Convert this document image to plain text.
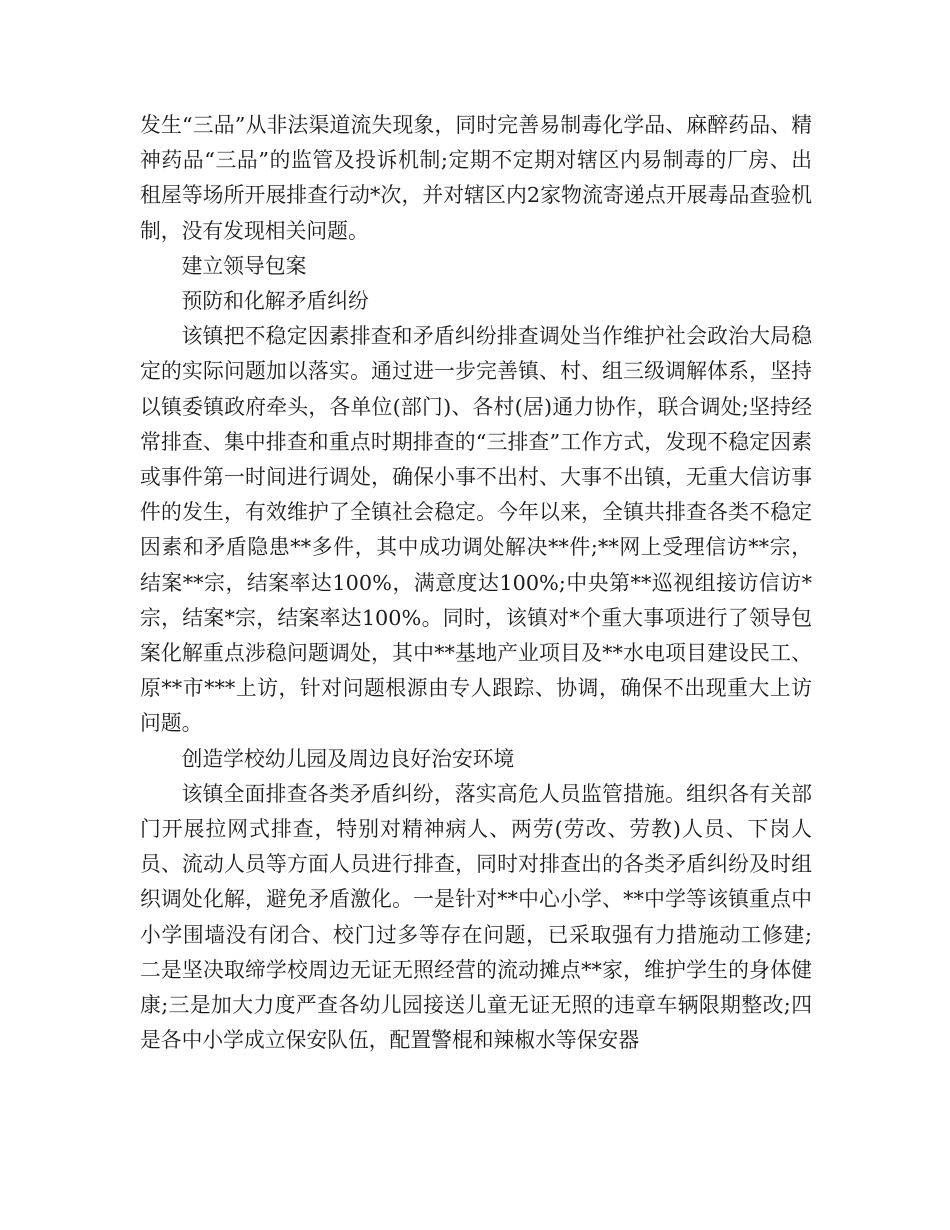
发生“三品”从非法渠道流失现象，同时完善易制毒化学品、麻醉药品、精神药品“三品”的监管及投诉机制;定期不定期对辖区内易制毒的厂房、出租屋等场所开展排查行动*次，并对辖区内2家物流寄递点开展毒品查验机制，没有发现相关问题。

建立领导包案

预防和化解矛盾纠纷

该镇把不稳定因素排查和矛盾纠纷排查调处当作维护社会政治大局稳定的实际问题加以落实。通过进一步完善镇、村、组三级调解体系，坚持以镇委镇政府牵头，各单位(部门)、各村(居)通力协作，联合调处;坚持经常排查、集中排查和重点时期排查的“三排查”工作方式，发现不稳定因素或事件第一时间进行调处，确保小事不出村、大事不出镇，无重大信访事件的发生，有效维护了全镇社会稳定。今年以来，全镇共排查各类不稳定因素和矛盾隐患**多件，其中成功调处解决**件;**网上受理信访**宗，结案**宗，结案率达100%，满意度达100%;中央第**巡视组接访信访*宗，结案*宗，结案率达100%。同时，该镇对*个重大事项进行了领导包案化解重点涉稳问题调处，其中**基地产业项目及**水电项目建设民工、原**市***上访，针对问题根源由专人跟踪、协调，确保不出现重大上访问题。

创造学校幼儿园及周边良好治安环境

该镇全面排查各类矛盾纠纷，落实高危人员监管措施。组织各有关部门开展拉网式排查，特别对精神病人、两劳(劳改、劳教)人员、下岗人员、流动人员等方面人员进行排查，同时对排查出的各类矛盾纠纷及时组织调处化解，避免矛盾激化。一是针对**中心小学、**中学等该镇重点中小学围墙没有闭合、校门过多等存在问题，已采取强有力措施动工修建;二是坚决取缔学校周边无证无照经营的流动摊点**家，维护学生的身体健康;三是加大力度严查各幼儿园接送儿童无证无照的违章车辆限期整改;四是各中小学成立保安队伍，配置警棍和辣椒水等保安器
